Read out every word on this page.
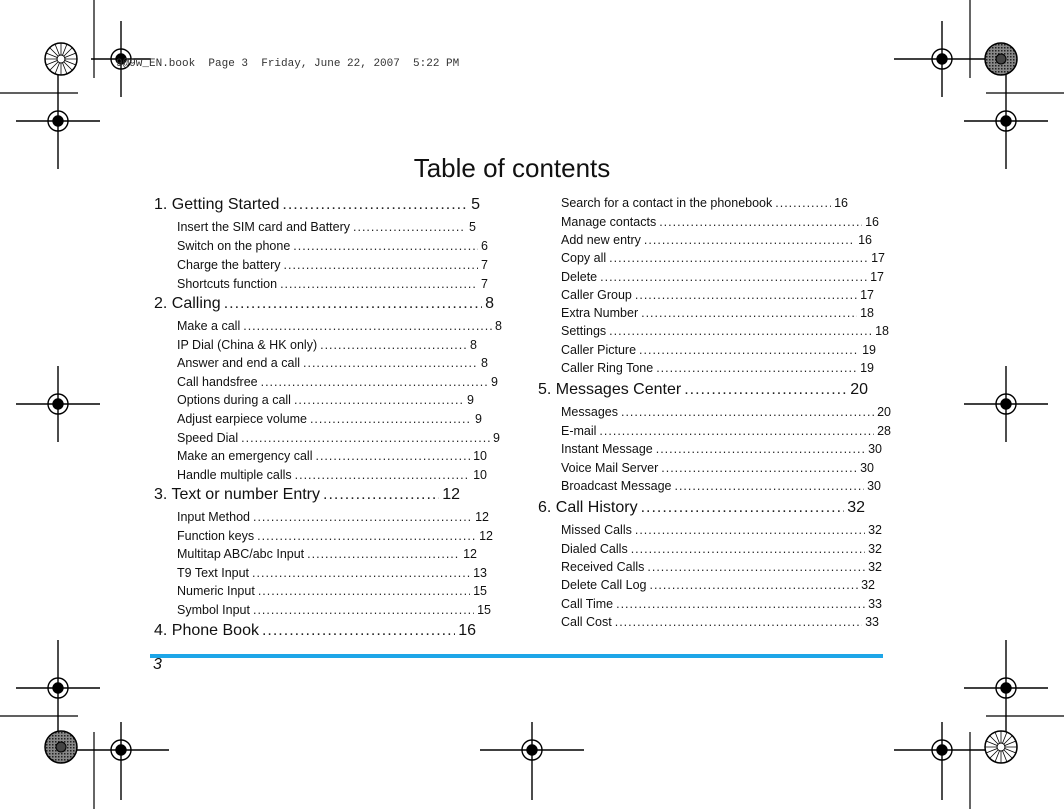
9@9w_EN.book  Page 3  Friday, June 22, 2007  5:22 PM
Table of contents
1. Getting Started .....	5
Insert the SIM card and Battery .....	5
Switch on the phone .....	6
Charge the battery .....	7
Shortcuts function .....	7
2. Calling .....	8
Make a call .....	8
IP Dial (China & HK only) .....	8
Answer and end a call .....	8
Call handsfree .....	9
Options during a call .....	9
Adjust earpiece volume .....	9
Speed Dial .....	9
Make an emergency call .....	10
Handle multiple calls .....	10
3. Text or number Entry .....	12
Input Method .....	12
Function keys .....	12
Multitap ABC/abc Input .....	12
T9 Text Input .....	13
Numeric Input .....	15
Symbol Input .....	15
4. Phone Book .....	16
Search for a contact in the phonebook .....	16
Manage contacts .....	16
Add new entry .....	16
Copy all .....	17
Delete .....	17
Caller Group .....	17
Extra Number .....	18
Settings .....	18
Caller Picture .....	19
Caller Ring Tone .....	19
5. Messages Center .....	20
Messages .....	20
E-mail .....	28
Instant Message .....	30
Voice Mail Server .....	30
Broadcast Message .....	30
6. Call History .....	32
Missed Calls .....	32
Dialed Calls .....	32
Received Calls .....	32
Delete Call Log .....	32
Call Time .....	33
Call Cost .....	33
3
